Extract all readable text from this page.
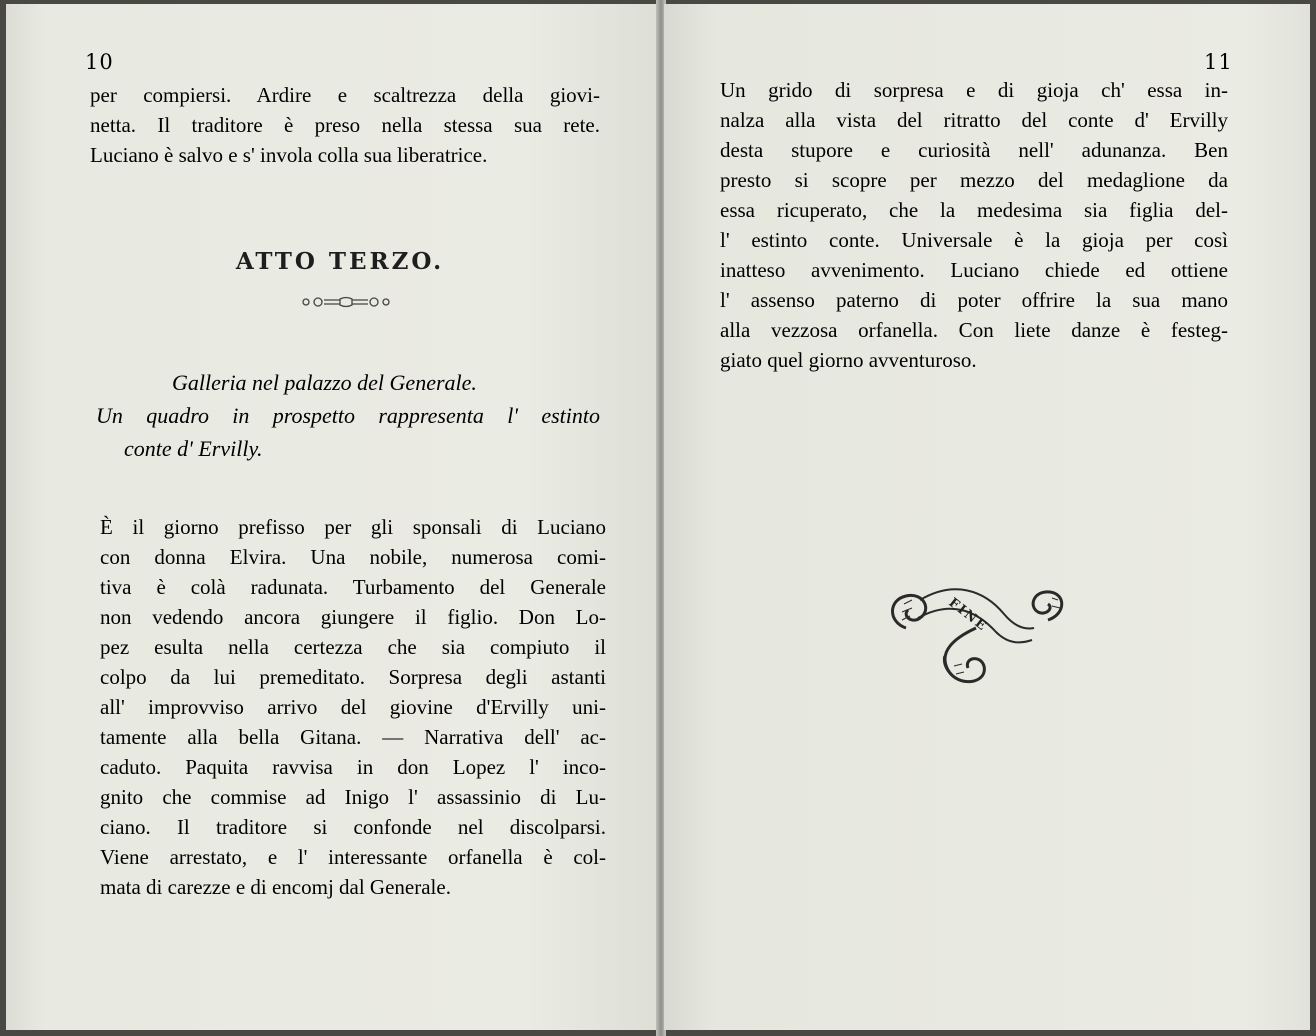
10
per compiersi. Ardire e scaltrezza della giovi-
netta. Il traditore è preso nella stessa sua rete.
Luciano è salvo e s' invola colla sua liberatrice.
ATTO TERZO.
Galleria nel palazzo del Generale.
Un quadro in prospetto rappresenta l' estinto
conte d' Ervilly.
È il giorno prefisso per gli sponsali di Luciano
con donna Elvira. Una nobile, numerosa comi-
tiva è colà radunata. Turbamento del Generale
non vedendo ancora giungere il figlio. Don Lo-
pez esulta nella certezza che sia compiuto il
colpo da lui premeditato. Sorpresa degli astanti
all' improvviso arrivo del giovine d'Ervilly uni-
tamente alla bella Gitana. — Narrativa dell' ac-
caduto. Paquita ravvisa in don Lopez l' inco-
gnito che commise ad Inigo l' assassinio di Lu-
ciano. Il traditore si confonde nel discolparsi.
Viene arrestato, e l' interessante orfanella è col-
mata di carezze e di encomj dal Generale.
11
Un grido di sorpresa e di gioja ch' essa in-
nalza alla vista del ritratto del conte d' Ervilly
desta stupore e curiosità nell' adunanza. Ben
presto si scopre per mezzo del medaglione da
essa ricuperato, che la medesima sia figlia del-
l' estinto conte. Universale è la gioja per così
inatteso avvenimento. Luciano chiede ed ottiene
l' assenso paterno di poter offrire la sua mano
alla vezzosa orfanella. Con liete danze è festeg-
giato quel giorno avventuroso.
FINE
